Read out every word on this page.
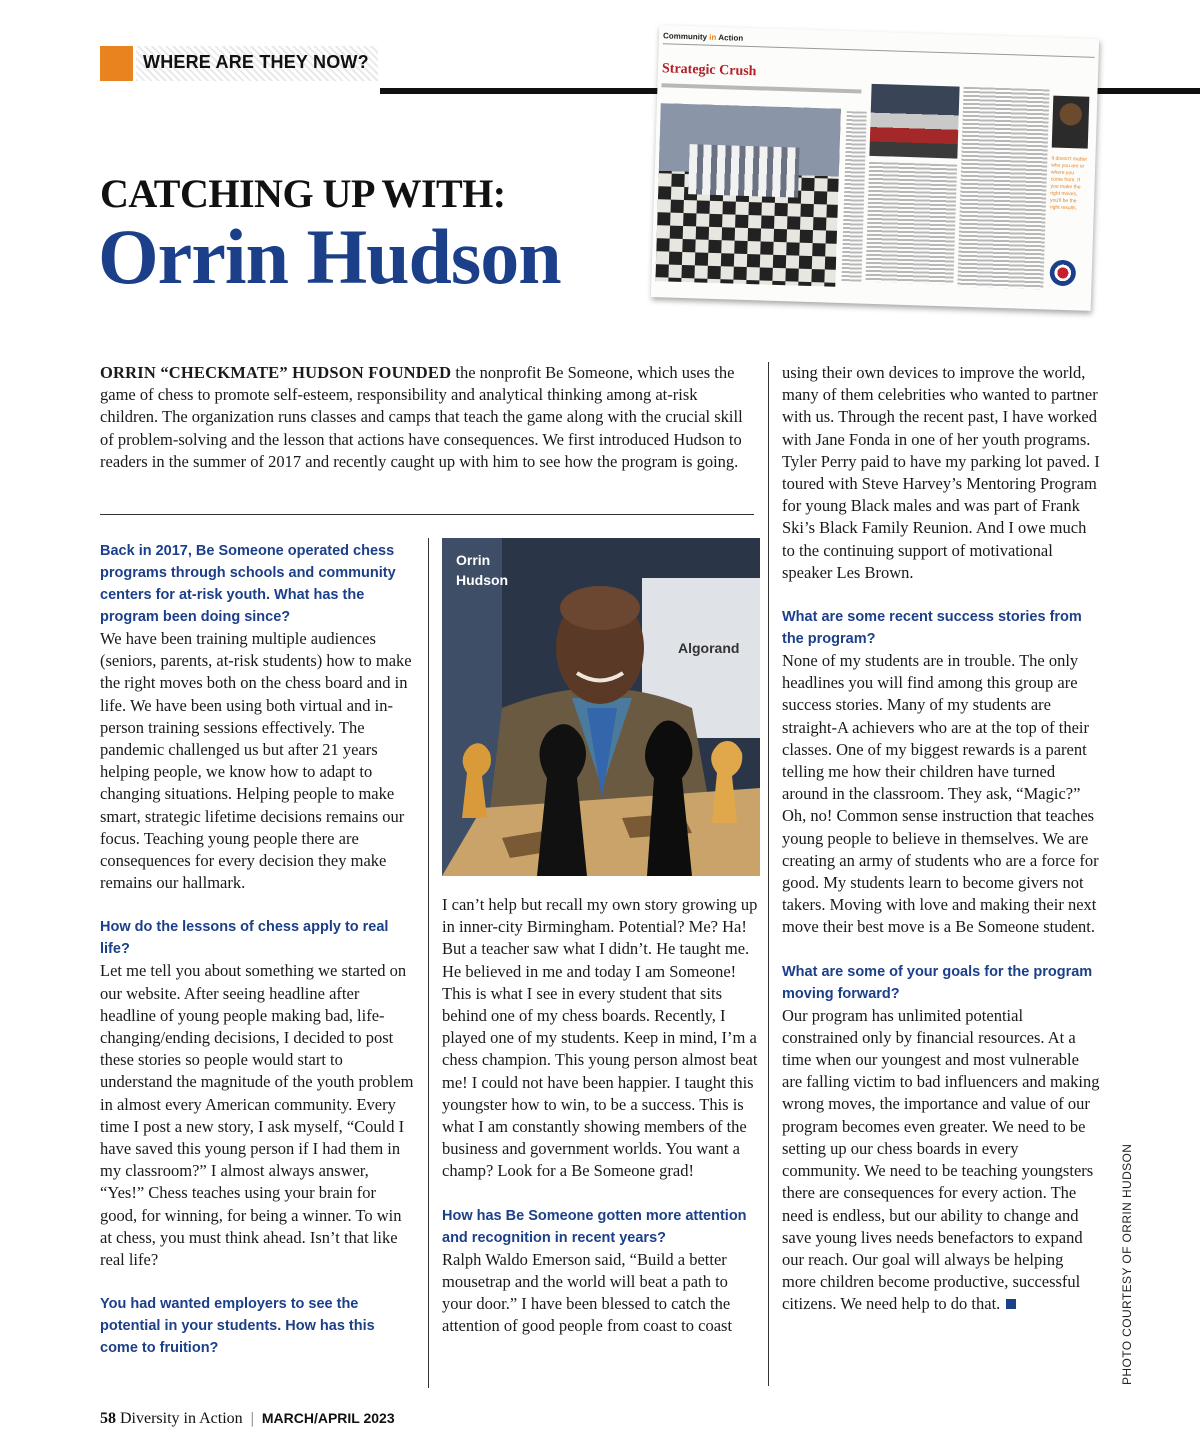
WHERE ARE THEY NOW?
CATCHING UP WITH:
Orrin Hudson
Community in Action
Strategic Crush
It doesn't matter who you are or where you come from. If you make the right moves, you'll be the right results.

ORRIN “CHECKMATE” HUDSON FOUNDED the nonprofit Be Someone, which uses the game of chess to promote self-esteem, responsibility and analytical thinking among at-risk children. The organization runs classes and camps that teach the game along with the crucial skill of problem-solving and the lesson that actions have consequences. We first introduced Hudson to readers in the summer of 2017 and recently caught up with him to see how the program is going.

Back in 2017, Be Someone operated chess programs through schools and community centers for at-risk youth. What has the program been doing since?

We have been training multiple audiences (seniors, parents, at-risk students) how to make the right moves both on the chess board and in life. We have been using both virtual and in-person training sessions effectively. The pandemic challenged us but after 21 years helping people, we know how to adapt to changing situations. Helping people to make smart, strategic lifetime decisions remains our focus. Teaching young people there are consequences for every decision they make remains our hallmark.

How do the lessons of chess apply to real life?

Let me tell you about something we started on our website. After seeing headline after headline of young people making bad, life-changing/ending decisions, I decided to post these stories so people would start to understand the magnitude of the youth problem in almost every American community. Every time I post a new story, I ask myself, “Could I have saved this young person if I had them in my classroom?” I almost always answer, “Yes!” Chess teaches using your brain for good, for winning, for being a winner. To win at chess, you must think ahead. Isn’t that like real life?

You had wanted employers to see the potential in your students. How has this come to fruition?

Algorand
Orrin Hudson

I can’t help but recall my own story growing up in inner-city Birmingham. Potential? Me? Ha! But a teacher saw what I didn’t. He taught me. He believed in me and today I am Someone! This is what I see in every student that sits behind one of my chess boards. Recently, I played one of my students. Keep in mind, I’m a chess champion. This young person almost beat me! I could not have been happier. I taught this youngster how to win, to be a success. This is what I am constantly showing members of the business and government worlds. You want a champ? Look for a Be Someone grad!

How has Be Someone gotten more attention and recognition in recent years?

Ralph Waldo Emerson said, “Build a better mousetrap and the world will beat a path to your door.” I have been blessed to catch the attention of good people from coast to coast

using their own devices to improve the world, many of them celebrities who wanted to partner with us. Through the recent past, I have worked with Jane Fonda in one of her youth programs. Tyler Perry paid to have my parking lot paved. I toured with Steve Harvey’s Mentoring Program for young Black males and was part of Frank Ski’s Black Family Reunion. And I owe much to the continuing support of motivational speaker Les Brown.

What are some recent success stories from the program?

None of my students are in trouble. The only headlines you will find among this group are success stories. Many of my students are straight-A achievers who are at the top of their classes. One of my biggest rewards is a parent telling me how their children have turned around in the classroom. They ask, “Magic?” Oh, no! Common sense instruction that teaches young people to believe in themselves. We are creating an army of students who are a force for good. My students learn to become givers not takers. Moving with love and making their next move their best move is a Be Someone student.

What are some of your goals for the program moving forward?

Our program has unlimited potential constrained only by financial resources. At a time when our youngest and most vulnerable are falling victim to bad influencers and making wrong moves, the importance and value of our program becomes even greater. We need to be setting up our chess boards in every community. We need to be teaching youngsters there are consequences for every action. The need is endless, but our ability to change and save young lives needs benefactors to expand our reach. Our goal will always be helping more children become productive, successful citizens. We need help to do that.	PHOTO COURTESY OF ORRIN HUDSON
58 Diversity in Action | MARCH/APRIL 2023
